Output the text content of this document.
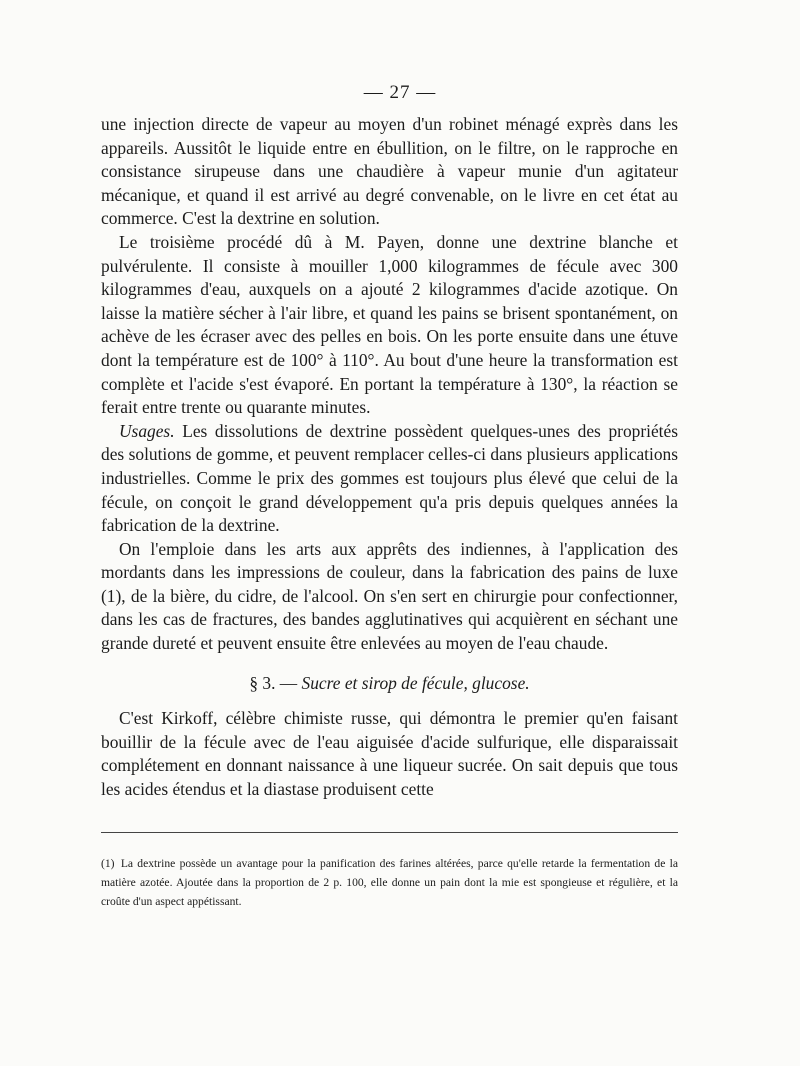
— 27 —

une injection directe de vapeur au moyen d'un robinet ménagé exprès dans les appareils. Aussitôt le liquide entre en ébullition, on le filtre, on le rapproche en consistance sirupeuse dans une chaudière à vapeur munie d'un agitateur mécanique, et quand il est arrivé au degré convenable, on le livre en cet état au commerce. C'est la dextrine en solution.

Le troisième procédé dû à M. Payen, donne une dextrine blanche et pulvérulente. Il consiste à mouiller 1,000 kilogrammes de fécule avec 300 kilogrammes d'eau, auxquels on a ajouté 2 kilogrammes d'acide azotique. On laisse la matière sécher à l'air libre, et quand les pains se brisent spontanément, on achève de les écraser avec des pelles en bois. On les porte ensuite dans une étuve dont la température est de 100° à 110°. Au bout d'une heure la transformation est complète et l'acide s'est évaporé. En portant la température à 130°, la réaction se ferait entre trente ou quarante minutes.

Usages. Les dissolutions de dextrine possèdent quelques-unes des propriétés des solutions de gomme, et peuvent remplacer celles-ci dans plusieurs applications industrielles. Comme le prix des gommes est toujours plus élevé que celui de la fécule, on conçoit le grand développement qu'a pris depuis quelques années la fabrication de la dextrine.

On l'emploie dans les arts aux apprêts des indiennes, à l'application des mordants dans les impressions de couleur, dans la fabrication des pains de luxe (1), de la bière, du cidre, de l'alcool. On s'en sert en chirurgie pour confectionner, dans les cas de fractures, des bandes agglutinatives qui acquièrent en séchant une grande dureté et peuvent ensuite être enlevées au moyen de l'eau chaude.

§ 3. — Sucre et sirop de fécule, glucose.

C'est Kirkoff, célèbre chimiste russe, qui démontra le premier qu'en faisant bouillir de la fécule avec de l'eau aiguisée d'acide sulfurique, elle disparaissait complétement en donnant naissance à une liqueur sucrée. On sait depuis que tous les acides étendus et la diastase produisent cette

(1) La dextrine possède un avantage pour la panification des farines altérées, parce qu'elle retarde la fermentation de la matière azotée. Ajoutée dans la proportion de 2 p. 100, elle donne un pain dont la mie est spongieuse et régulière, et la croûte d'un aspect appétissant.
